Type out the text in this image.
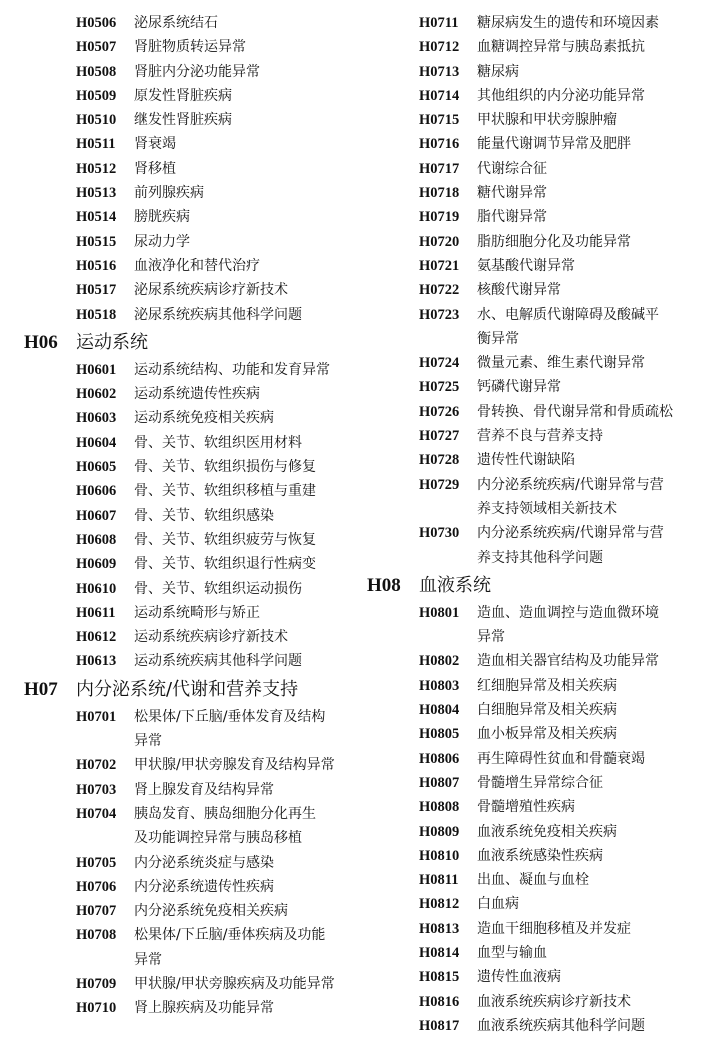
H0506	泌尿系统结石
H0507	肾脏物质转运异常
H0508	肾脏内分泌功能异常
H0509	原发性肾脏疾病
H0510	继发性肾脏疾病
H0511	肾衰竭
H0512	肾移植
H0513	前列腺疾病
H0514	膀胱疾病
H0515	尿动力学
H0516	血液净化和替代治疗
H0517	泌尿系统疾病诊疗新技术
H0518	泌尿系统疾病其他科学问题
H06	运动系统
H0601	运动系统结构、功能和发育异常
H0602	运动系统遗传性疾病
H0603	运动系统免疫相关疾病
H0604	骨、关节、软组织医用材料
H0605	骨、关节、软组织损伤与修复
H0606	骨、关节、软组织移植与重建
H0607	骨、关节、软组织感染
H0608	骨、关节、软组织疲劳与恢复
H0609	骨、关节、软组织退行性病变
H0610	骨、关节、软组织运动损伤
H0611	运动系统畸形与矫正
H0612	运动系统疾病诊疗新技术
H0613	运动系统疾病其他科学问题
H07	内分泌系统/代谢和营养支持
H0701	松果体/下丘脑/垂体发育及结构
异常
H0702	甲状腺/甲状旁腺发育及结构异常
H0703	肾上腺发育及结构异常
H0704	胰岛发育、胰岛细胞分化再生
及功能调控异常与胰岛移植
H0705	内分泌系统炎症与感染
H0706	内分泌系统遗传性疾病
H0707	内分泌系统免疫相关疾病
H0708	松果体/下丘脑/垂体疾病及功能
异常
H0709	甲状腺/甲状旁腺疾病及功能异常
H0710	肾上腺疾病及功能异常
H0711	糖尿病发生的遗传和环境因素
H0712	血糖调控异常与胰岛素抵抗
H0713	糖尿病
H0714	其他组织的内分泌功能异常
H0715	甲状腺和甲状旁腺肿瘤
H0716	能量代谢调节异常及肥胖
H0717	代谢综合征
H0718	糖代谢异常
H0719	脂代谢异常
H0720	脂肪细胞分化及功能异常
H0721	氨基酸代谢异常
H0722	核酸代谢异常
H0723	水、电解质代谢障碍及酸碱平
衡异常
H0724	微量元素、维生素代谢异常
H0725	钙磷代谢异常
H0726	骨转换、骨代谢异常和骨质疏松
H0727	营养不良与营养支持
H0728	遗传性代谢缺陷
H0729	内分泌系统疾病/代谢异常与营
养支持领域相关新技术
H0730	内分泌系统疾病/代谢异常与营
养支持其他科学问题
H08	血液系统
H0801	造血、造血调控与造血微环境
异常
H0802	造血相关器官结构及功能异常
H0803	红细胞异常及相关疾病
H0804	白细胞异常及相关疾病
H0805	血小板异常及相关疾病
H0806	再生障碍性贫血和骨髓衰竭
H0807	骨髓增生异常综合征
H0808	骨髓增殖性疾病
H0809	血液系统免疫相关疾病
H0810	血液系统感染性疾病
H0811	出血、凝血与血栓
H0812	白血病
H0813	造血干细胞移植及并发症
H0814	血型与输血
H0815	遗传性血液病
H0816	血液系统疾病诊疗新技术
H0817	血液系统疾病其他科学问题
